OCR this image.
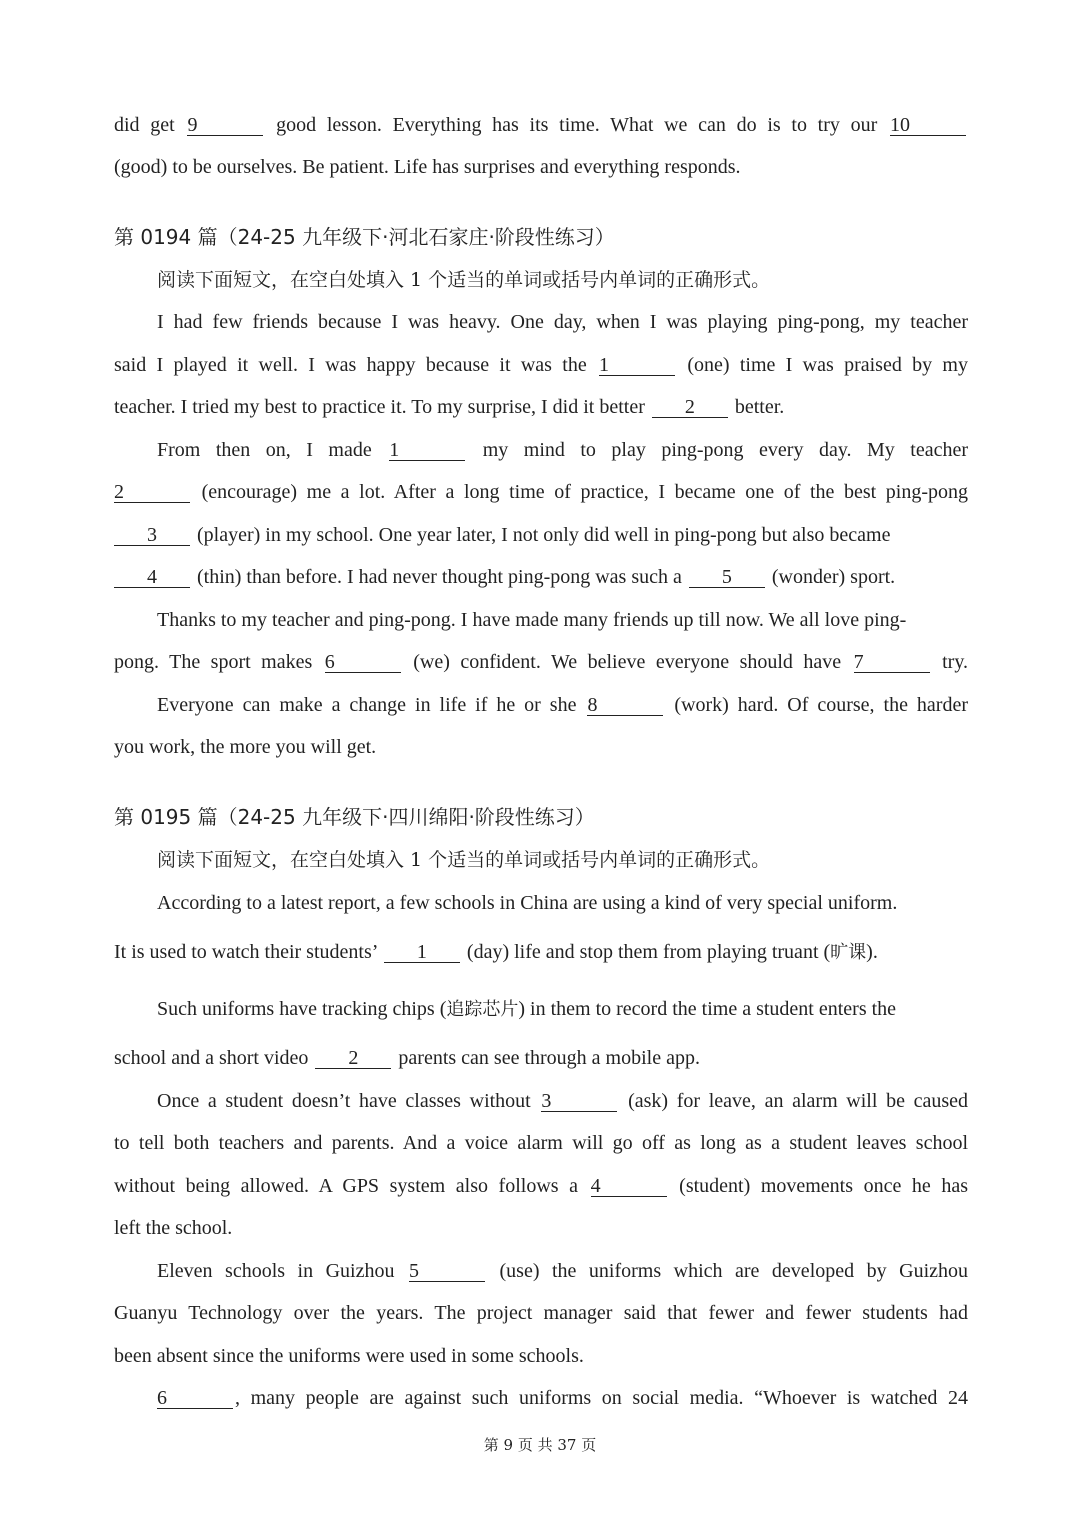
did get 9	good lesson. Everything has its time. What we can do is to try our 10
(good) to be ourselves. Be patient. Life has surprises and everything responds.
第 0194 篇（24-25 九年级下·河北石家庄·阶段性练习）
阅读下面短文，在空白处填入 1 个适当的单词或括号内单词的正确形式。
I had few friends because I was heavy. One day, when I was playing ping-pong, my teacher
said I played it well. I was happy because it was the 1	(one) time I was praised by my
teacher. I tried my best to practice it. To my surprise, I did it better 2 better.
From then on, I made 1	my mind to play ping-pong every day. My teacher
2	(encourage) me a lot. After a long time of practice, I became one of the best ping-pong
3 (player) in my school. One year later, I not only did well in ping-pong but also became
4 (thin) than before. I had never thought ping-pong was such a 5 (wonder) sport.
Thanks to my teacher and ping-pong. I have made many friends up till now. We all love ping-
pong. The sport makes 6	(we) confident. We believe everyone should have 7	try.
Everyone can make a change in life if he or she 8	(work) hard. Of course, the harder
you work, the more you will get.
第 0195 篇（24-25 九年级下·四川绵阳·阶段性练习）
阅读下面短文，在空白处填入 1 个适当的单词或括号内单词的正确形式。
According to a latest report, a few schools in China are using a kind of very special uniform.
It is used to watch their students’ 1 (day) life and stop them from playing truant (旷课).
Such uniforms have tracking chips (追踪芯片) in them to record the time a student enters the
school and a short video 2 parents can see through a mobile app.
Once a student doesn’t have classes without 3	(ask) for leave, an alarm will be caused
to tell both teachers and parents. And a voice alarm will go off as long as a student leaves school
without being allowed. A GPS system also follows a 4	(student) movements once he has
left the school.
Eleven schools in Guizhou 5	(use) the uniforms which are developed by Guizhou
Guanyu Technology over the years. The project manager said that fewer and fewer students had
been absent since the uniforms were used in some schools.
6	, many people are against such uniforms on social media. “Whoever is watched 24
第 9 页 共 37 页
